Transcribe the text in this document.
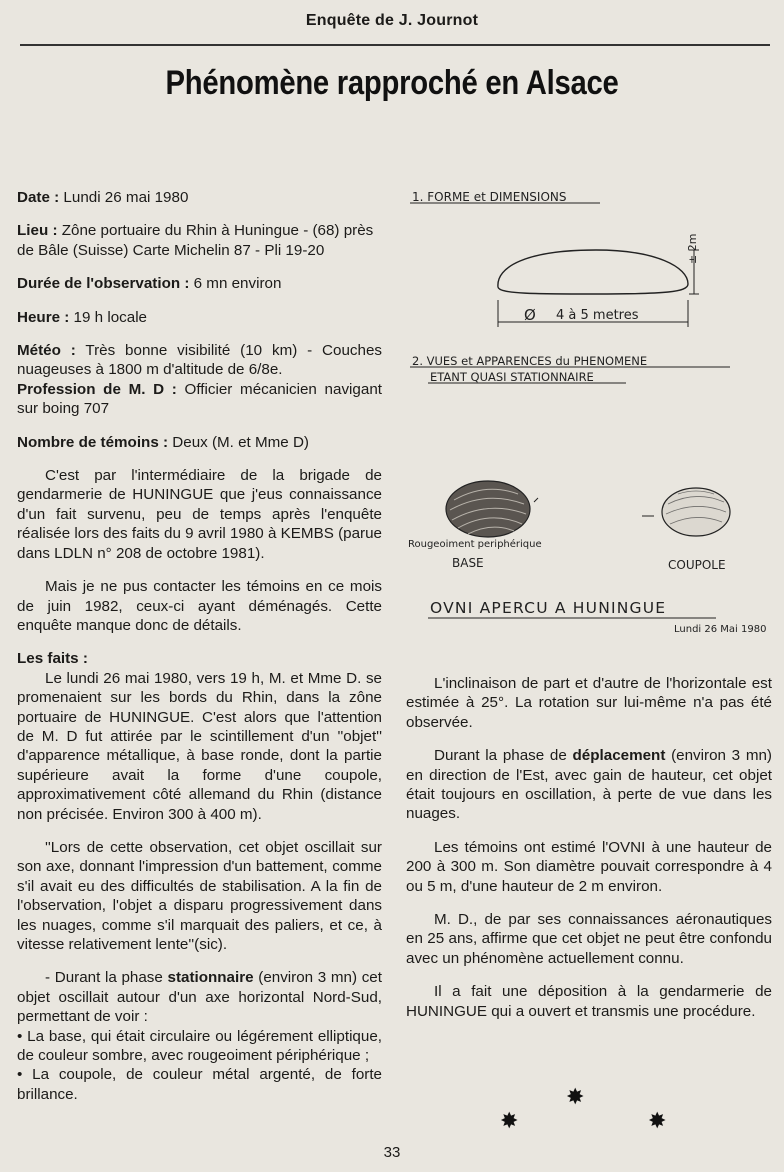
Enquête de J. Journot
Phénomène rapproché en Alsace

Date : Lundi 26 mai 1980

Lieu : Zône portuaire du Rhin à Huningue - (68) près de Bâle (Suisse) Carte Michelin 87 - Pli 19-20

Durée de l'observation : 6 mn environ

Heure : 19 h locale

Météo : Très bonne visibilité (10 km) - Couches nuageuses à 1800 m d'altitude de 6/8e.

Profession de M. D : Officier mécanicien navigant sur boing 707

Nombre de témoins : Deux (M. et Mme D)

C'est par l'intermédiaire de la brigade de gendarmerie de HUNINGUE que j'eus connaissance d'un fait survenu, peu de temps après l'enquête réalisée lors des faits du 9 avril 1980 à KEMBS (parue dans LDLN n° 208 de octobre 1981).

Mais je ne pus contacter les témoins en ce mois de juin 1982, ceux-ci ayant déménagés. Cette enquête manque donc de détails.

Les faits :

Le lundi 26 mai 1980, vers 19 h, M. et Mme D. se promenaient sur les bords du Rhin, dans la zône portuaire de HUNINGUE. C'est alors que l'attention de M. D fut attirée par le scintillement d'un ''objet'' d'apparence métallique, à base ronde, dont la partie supérieure avait la forme d'une coupole, approximativement côté allemand du Rhin (distance non précisée. Environ 300 à 400 m).

''Lors de cette observation, cet objet oscillait sur son axe, donnant l'impression d'un battement, comme s'il avait eu des difficultés de stabilisation. A la fin de l'observation, l'objet a disparu progressivement dans les nuages, comme s'il marquait des paliers, et ce, à vitesse relativement lente''(sic).

- Durant la phase stationnaire (environ 3 mn) cet objet oscillait autour d'un axe horizontal Nord-Sud, permettant de voir :

• La base, qui était circulaire ou légérement elliptique, de couleur sombre, avec rougeoiment périphérique ;

• La coupole, de couleur métal argenté, de forte brillance.

1. FORME et DIMENSIONS
± 2m
Ø 4 à 5 metres
2. VUES et APPARENCES du PHENOMENE
ETANT QUASI STATIONNAIRE
Rougeoiment periphérique
BASE	COUPOLE
OVNI APERCU A HUNINGUE
Lundi 26 Mai 1980

L'inclinaison de part et d'autre de l'horizontale est estimée à 25°. La rotation sur lui-même n'a pas été observée.

Durant la phase de déplacement (environ 3 mn) en direction de l'Est, avec gain de hauteur, cet objet était toujours en oscillation, à perte de vue dans les nuages.

Les témoins ont estimé l'OVNI à une hauteur de 200 à 300 m. Son diamètre pouvait correspondre à 4 ou 5 m, d'une hauteur de 2 m environ.

M. D., de par ses connaissances aéronautiques en 25 ans, affirme que cet objet ne peut être confondu avec un phénomène actuellement connu.

Il a fait une déposition à la gendarmerie de HUNINGUE qui a ouvert et transmis une procédure.

✸
✸	✸
33
